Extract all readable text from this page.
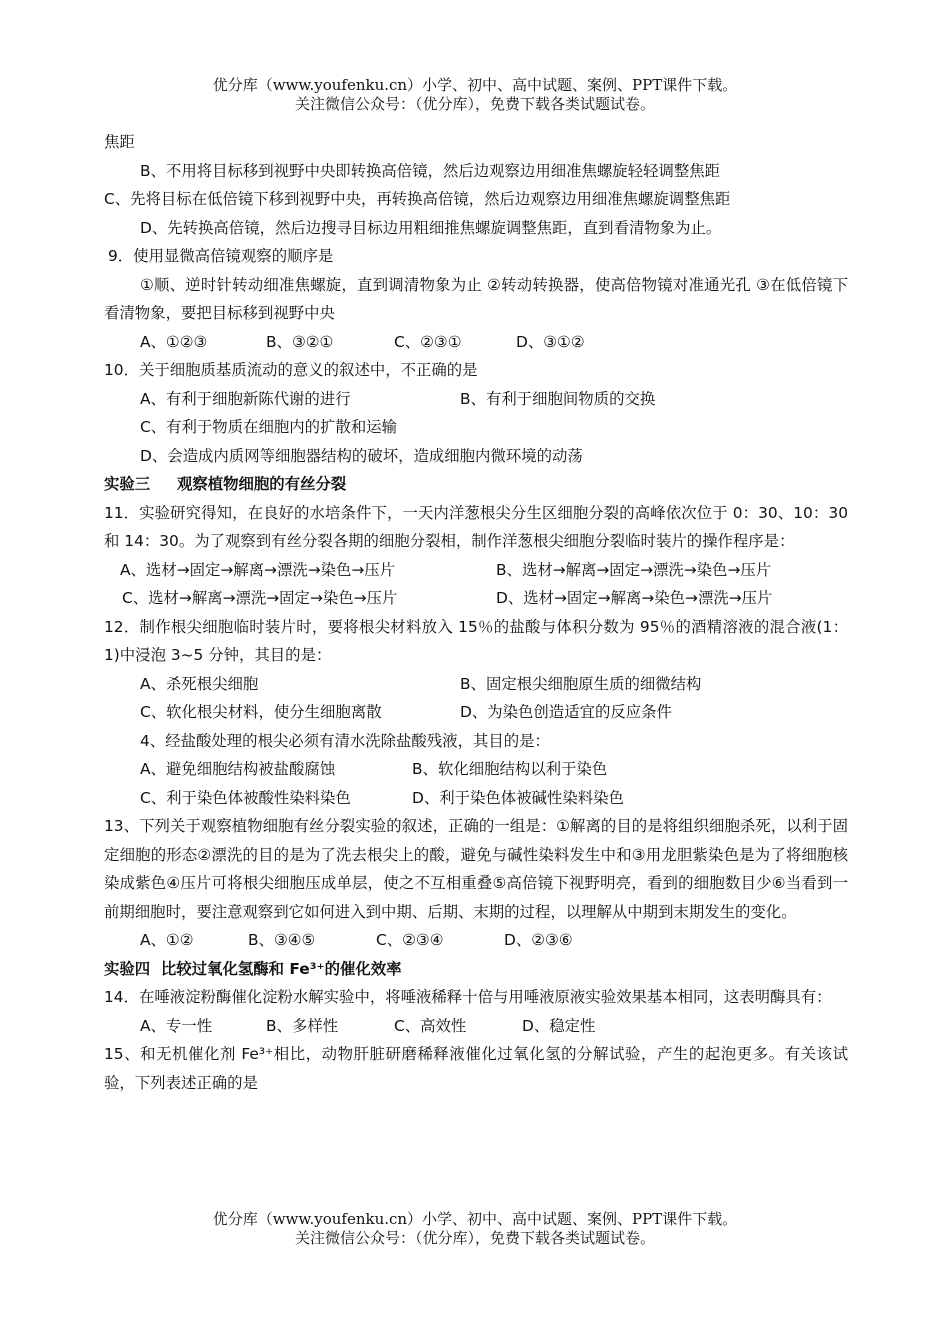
优分库（www.youfenku.cn）小学、初中、高中试题、案例、PPT课件下载。
关注微信公众号：（优分库），免费下载各类试题试卷。
焦距
B、不用将目标移到视野中央即转换高倍镜，然后边观察边用细准焦螺旋轻轻调整焦距
C、先将目标在低倍镜下移到视野中央，再转换高倍镜，然后边观察边用细准焦螺旋调整焦距
D、先转换高倍镜，然后边搜寻目标边用粗细推焦螺旋调整焦距，直到看清物象为止。
9．使用显微高倍镜观察的顺序是
①顺、逆时针转动细准焦螺旋，直到调清物象为止 ②转动转换器，使高倍物镜对准通光孔 ③在低倍镜下看清物象，要把目标移到视野中央
A、①②③	B、③②①	C、②③①	D、③①②
10．关于细胞质基质流动的意义的叙述中，不正确的是
A、有利于细胞新陈代谢的进行	B、有利于细胞间物质的交换
C、有利于物质在细胞内的扩散和运输
D、会造成内质网等细胞器结构的破坏，造成细胞内微环境的动荡
实验三     观察植物细胞的有丝分裂
11．实验研究得知，在良好的水培条件下，一天内洋葱根尖分生区细胞分裂的高峰依次位于 0：30、10：30 和 14：30。为了观察到有丝分裂各期的细胞分裂相，制作洋葱根尖细胞分裂临时装片的操作程序是：
A、选材→固定→解离→漂洗→染色→压片	B、选材→解离→固定→漂洗→染色→压片
C、选材→解离→漂洗→固定→染色→压片	D、选材→固定→解离→染色→漂洗→压片
12．制作根尖细胞临时装片时，要将根尖材料放入 15％的盐酸与体积分数为 95％的酒精溶液的混合液(1：1)中浸泡 3~5 分钟，其目的是：
A、杀死根尖细胞	B、固定根尖细胞原生质的细微结构
C、软化根尖材料，使分生细胞离散	D、为染色创造适宜的反应条件
4、经盐酸处理的根尖必须有清水洗除盐酸残液，其目的是：
A、避免细胞结构被盐酸腐蚀	B、软化细胞结构以利于染色
C、利于染色体被酸性染料染色	D、利于染色体被碱性染料染色
13、下列关于观察植物细胞有丝分裂实验的叙述，正确的一组是：①解离的目的是将组织细胞杀死，以利于固定细胞的形态②漂洗的目的是为了洗去根尖上的酸，避免与碱性染料发生中和③用龙胆紫染色是为了将细胞核染成紫色④压片可将根尖细胞压成单层，使之不互相重叠⑤高倍镜下视野明亮，看到的细胞数目少⑥当看到一前期细胞时，要注意观察到它如何进入到中期、后期、末期的过程，以理解从中期到末期发生的变化。
A、①②	B、③④⑤	C、②③④	D、②③⑥
实验四  比较过氧化氢酶和 Fe³⁺的催化效率
14．在唾液淀粉酶催化淀粉水解实验中，将唾液稀释十倍与用唾液原液实验效果基本相同，这表明酶具有：
A、专一性	B、多样性	C、高效性	D、稳定性
15、和无机催化剂 Fe³⁺相比，动物肝脏研磨稀释液催化过氧化氢的分解试验，产生的起泡更多。有关该试验，下列表述正确的是
优分库（www.youfenku.cn）小学、初中、高中试题、案例、PPT课件下载。
关注微信公众号：（优分库），免费下载各类试题试卷。
